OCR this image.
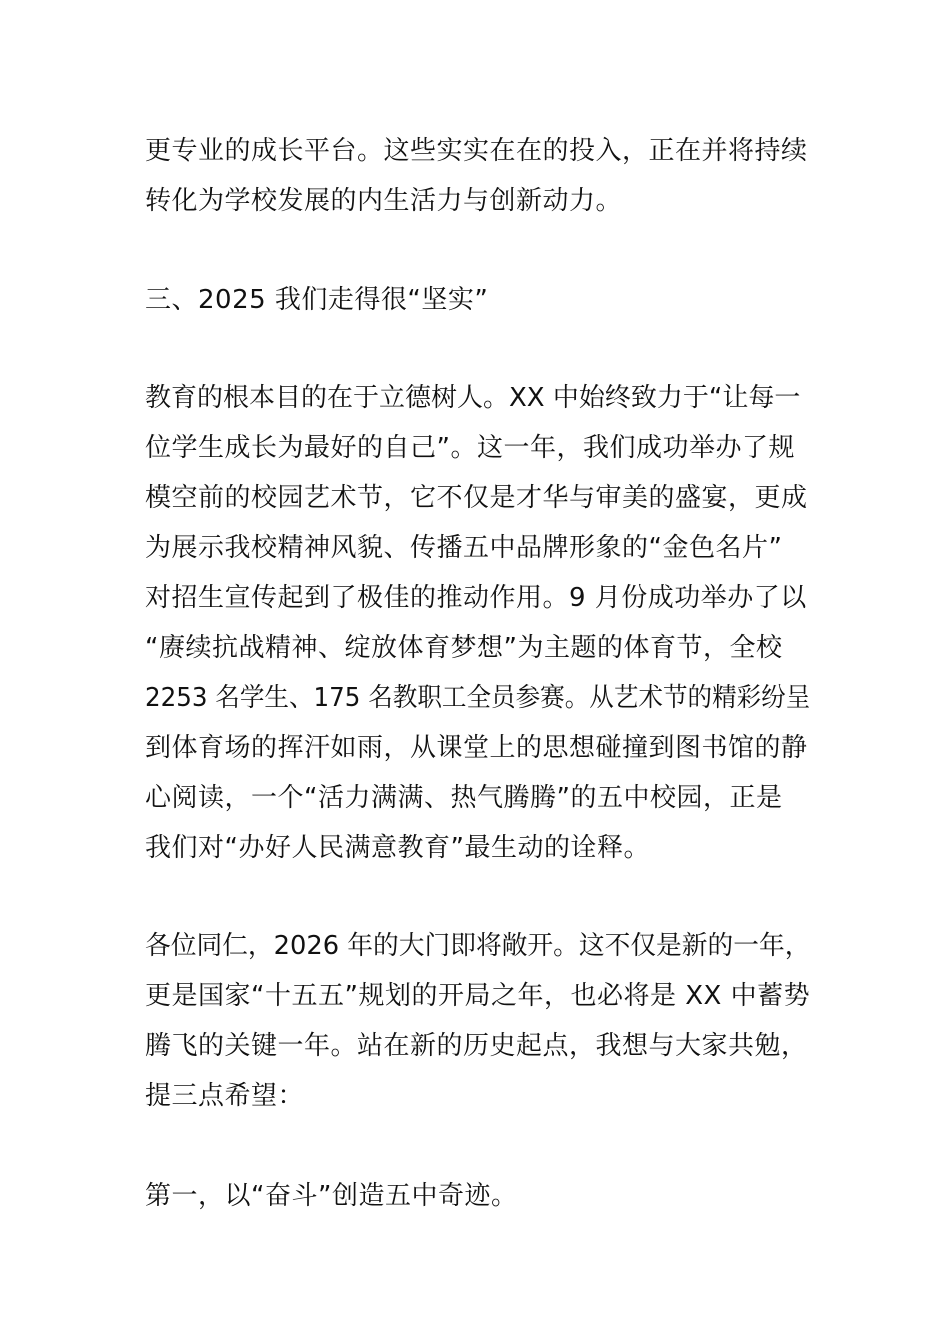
更专业的成长平台。这些实实在在的投入，正在并将持续
转化为学校发展的内生活力与创新动力。
三、2025 我们走得很“坚实”
教育的根本目的在于立德树人。XX 中始终致力于“让每一
位学生成长为最好的自己”。这一年，我们成功举办了规
模空前的校园艺术节，它不仅是才华与审美的盛宴，更成
为展示我校精神风貌、传播五中品牌形象的“金色名片”
对招生宣传起到了极佳的推动作用。9 月份成功举办了以
“赓续抗战精神、绽放体育梦想”为主题的体育节，全校
2253 名学生、175 名教职工全员参赛。从艺术节的精彩纷呈
到体育场的挥汗如雨，从课堂上的思想碰撞到图书馆的静
心阅读，一个“活力满满、热气腾腾”的五中校园，正是
我们对“办好人民满意教育”最生动的诠释。
各位同仁，2026 年的大门即将敞开。这不仅是新的一年，
更是国家“十五五”规划的开局之年，也必将是 XX 中蓄势
腾飞的关键一年。站在新的历史起点，我想与大家共勉，
提三点希望：
第一，以“奋斗”创造五中奇迹。
